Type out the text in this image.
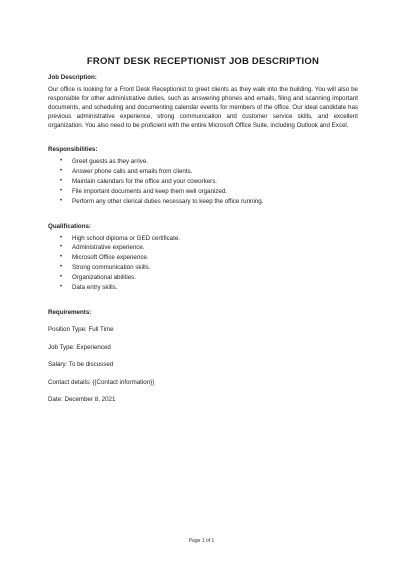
FRONT DESK RECEPTIONIST JOB DESCRIPTION

Job Description:

Our office is looking for a Front Desk Receptionist to greet clients as they walk into the building. You will also be responsible for other administrative duties, such as answering phones and emails, filing and scanning important documents, and scheduling and documenting calendar events for members of the office. Our ideal candidate has previous administrative experience, strong communication and customer service skills, and excellent organization. You also need to be proficient with the entire Microsoft Office Suite, including Outlook and Excel.

Responsibilities:

• Greet guests as they arrive.
• Answer phone calls and emails from clients.
• Maintain calendars for the office and your coworkers.
• File important documents and keep them well organized.
• Perform any other clerical duties necessary to keep the office running.

Qualifications:

• High school diploma or GED certificate.
• Administrative experience.
• Microsoft Office experience.
• Strong communication skills.
• Organizational abilities.
• Data entry skills.

Requirements:

Position Type: Full Time

Job Type: Experienced

Salary: To be discussed

Contact details: {{Contact information}}

Date: December 8, 2021

Page 1 of 1
